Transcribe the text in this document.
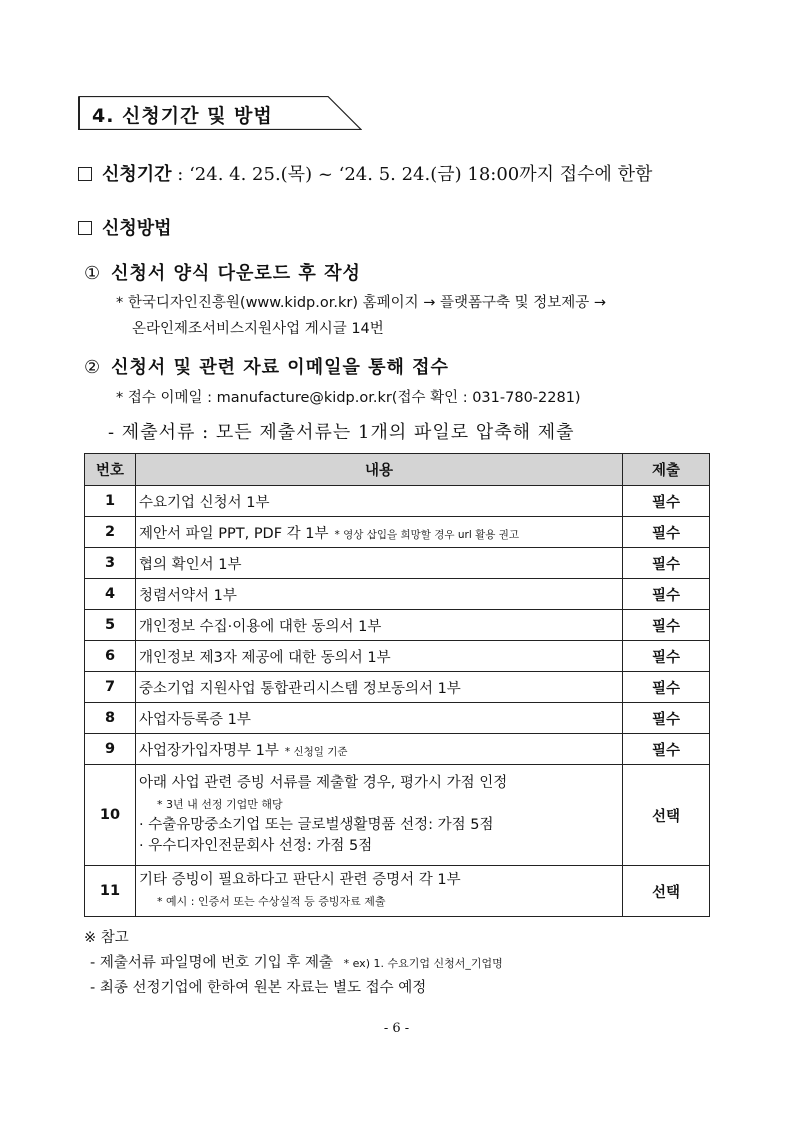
4. 신청기간 및 방법
신청기간 : ‘24. 4. 25.(목) ~ ‘24. 5. 24.(금) 18:00까지 접수에 한함
신청방법
① 신청서 양식 다운로드 후 작성
* 한국디자인진흥원(www.kidp.or.kr) 홈페이지 → 플랫폼구축 및 정보제공 →
온라인제조서비스지원사업 게시글 14번
② 신청서 및 관련 자료 이메일을 통해 접수
* 접수 이메일 : manufacture@kidp.or.kr(접수 확인 : 031-780-2281)
- 제출서류 : 모든 제출서류는 1개의 파일로 압축해 제출
번호	내용	제출
1	수요기업 신청서 1부	필수
2	제안서 파일 PPT, PDF 각 1부 * 영상 삽입을 희망할 경우 url 활용 권고	필수
3	협의 확인서 1부	필수
4	청렴서약서 1부	필수
5	개인정보 수집·이용에 대한 동의서 1부	필수
6	개인정보 제3자 제공에 대한 동의서 1부	필수
7	중소기업 지원사업 통합관리시스템 정보동의서 1부	필수
8	사업자등록증 1부	필수
9	사업장가입자명부 1부 * 신청일 기준	필수
10	아래 사업 관련 증빙 서류를 제출할 경우, 평가시 가점 인정
* 3년 내 선정 기업만 해당
· 수출유망중소기업 또는 글로벌생활명품 선정: 가점 5점
· 우수디자인전문회사 선정: 가점 5점	선택
11	기타 증빙이 필요하다고 판단시 관련 증명서 각 1부
* 예시 : 인증서 또는 수상실적 등 증빙자료 제출	선택
※ 참고
- 제출서류 파일명에 번호 기입 후 제출 * ex) 1. 수요기업 신청서_기업명
- 최종 선정기업에 한하여 원본 자료는 별도 접수 예정
- 6 -
